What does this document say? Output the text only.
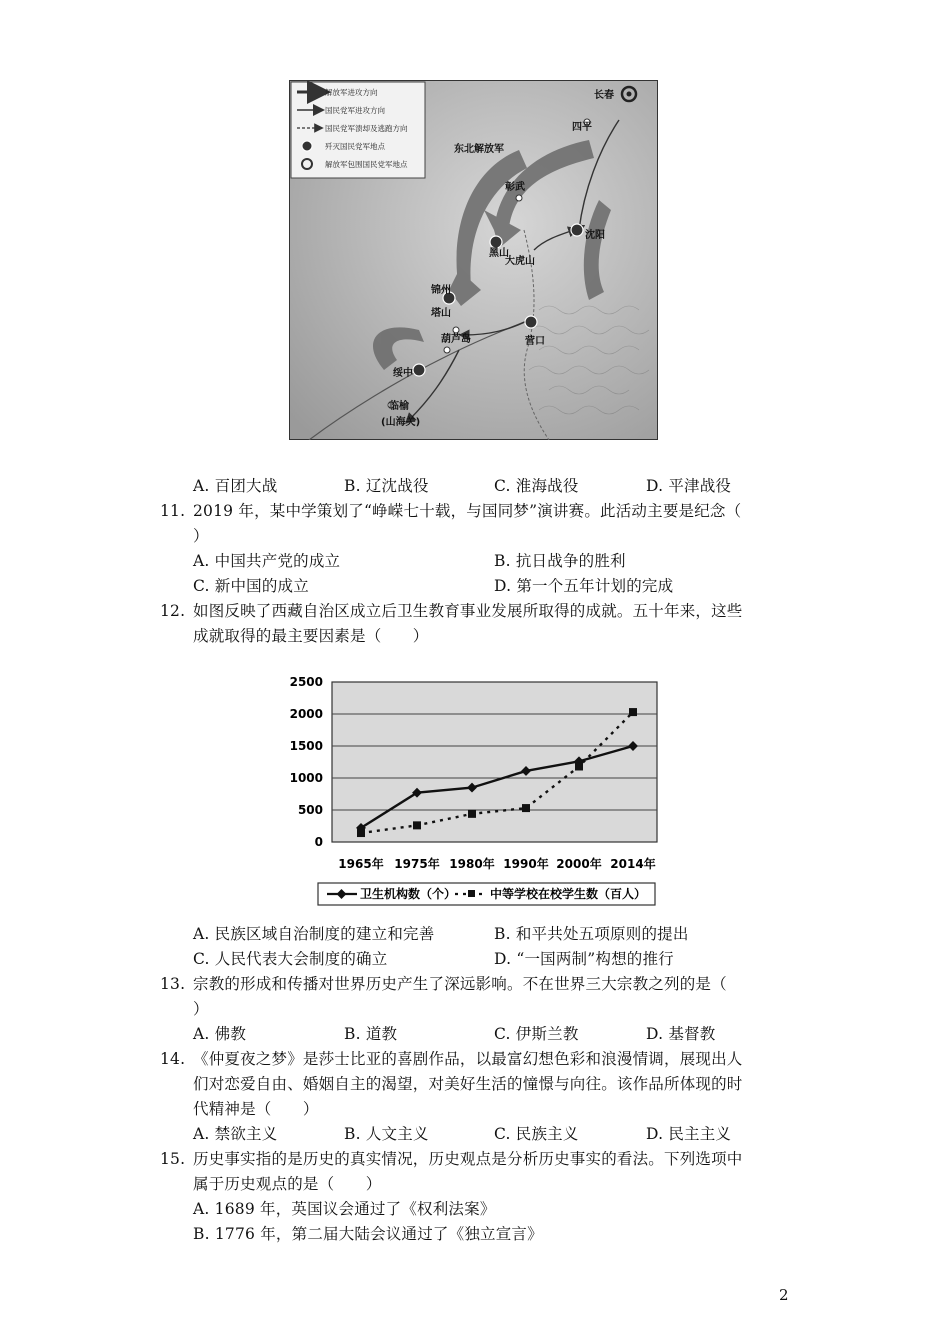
解放军进攻方向
国民党军进攻方向
国民党军溃却及逃跑方向
歼灭国民党军地点
解放军包围国民党军地点
长春
四平
东北解放军
彰武
黑山
大虎山
沈阳
锦州
塔山
葫芦岛	营口
绥中
临榆
(山海关)
A. 百团大战	B. 辽沈战役	C. 淮海战役	D. 平津战役
11. 2019 年，某中学策划了“峥嵘七十载，与国同梦”演讲赛。此活动主要是纪念（
）
A. 中国共产党的成立	B. 抗日战争的胜利
C. 新中国的成立	D. 第一个五年计划的完成
12. 如图反映了西藏自治区成立后卫生教育事业发展所取得的成就。五十年来，这些
成就取得的最主要因素是（　　）
2500
2000
1500
1000
500
0
1965年 1975年 1980年 1990年 2000年 2014年
卫生机构数（个）	中等学校在校学生数（百人）
A. 民族区域自治制度的建立和完善	B. 和平共处五项原则的提出
C. 人民代表大会制度的确立	D. “一国两制”构想的推行
13. 宗教的形成和传播对世界历史产生了深远影响。不在世界三大宗教之列的是（
）
A. 佛教	B. 道教	C. 伊斯兰教	D. 基督教
14. 《仲夏夜之梦》是莎士比亚的喜剧作品，以最富幻想色彩和浪漫情调，展现出人
们对恋爱自由、婚姻自主的渴望，对美好生活的憧憬与向往。该作品所体现的时
代精神是（　　）
A. 禁欲主义	B. 人文主义	C. 民族主义	D. 民主主义
15. 历史事实指的是历史的真实情况，历史观点是分析历史事实的看法。下列选项中
属于历史观点的是（　　）
A. 1689 年，英国议会通过了《权利法案》
B. 1776 年，第二届大陆会议通过了《独立宣言》
2
